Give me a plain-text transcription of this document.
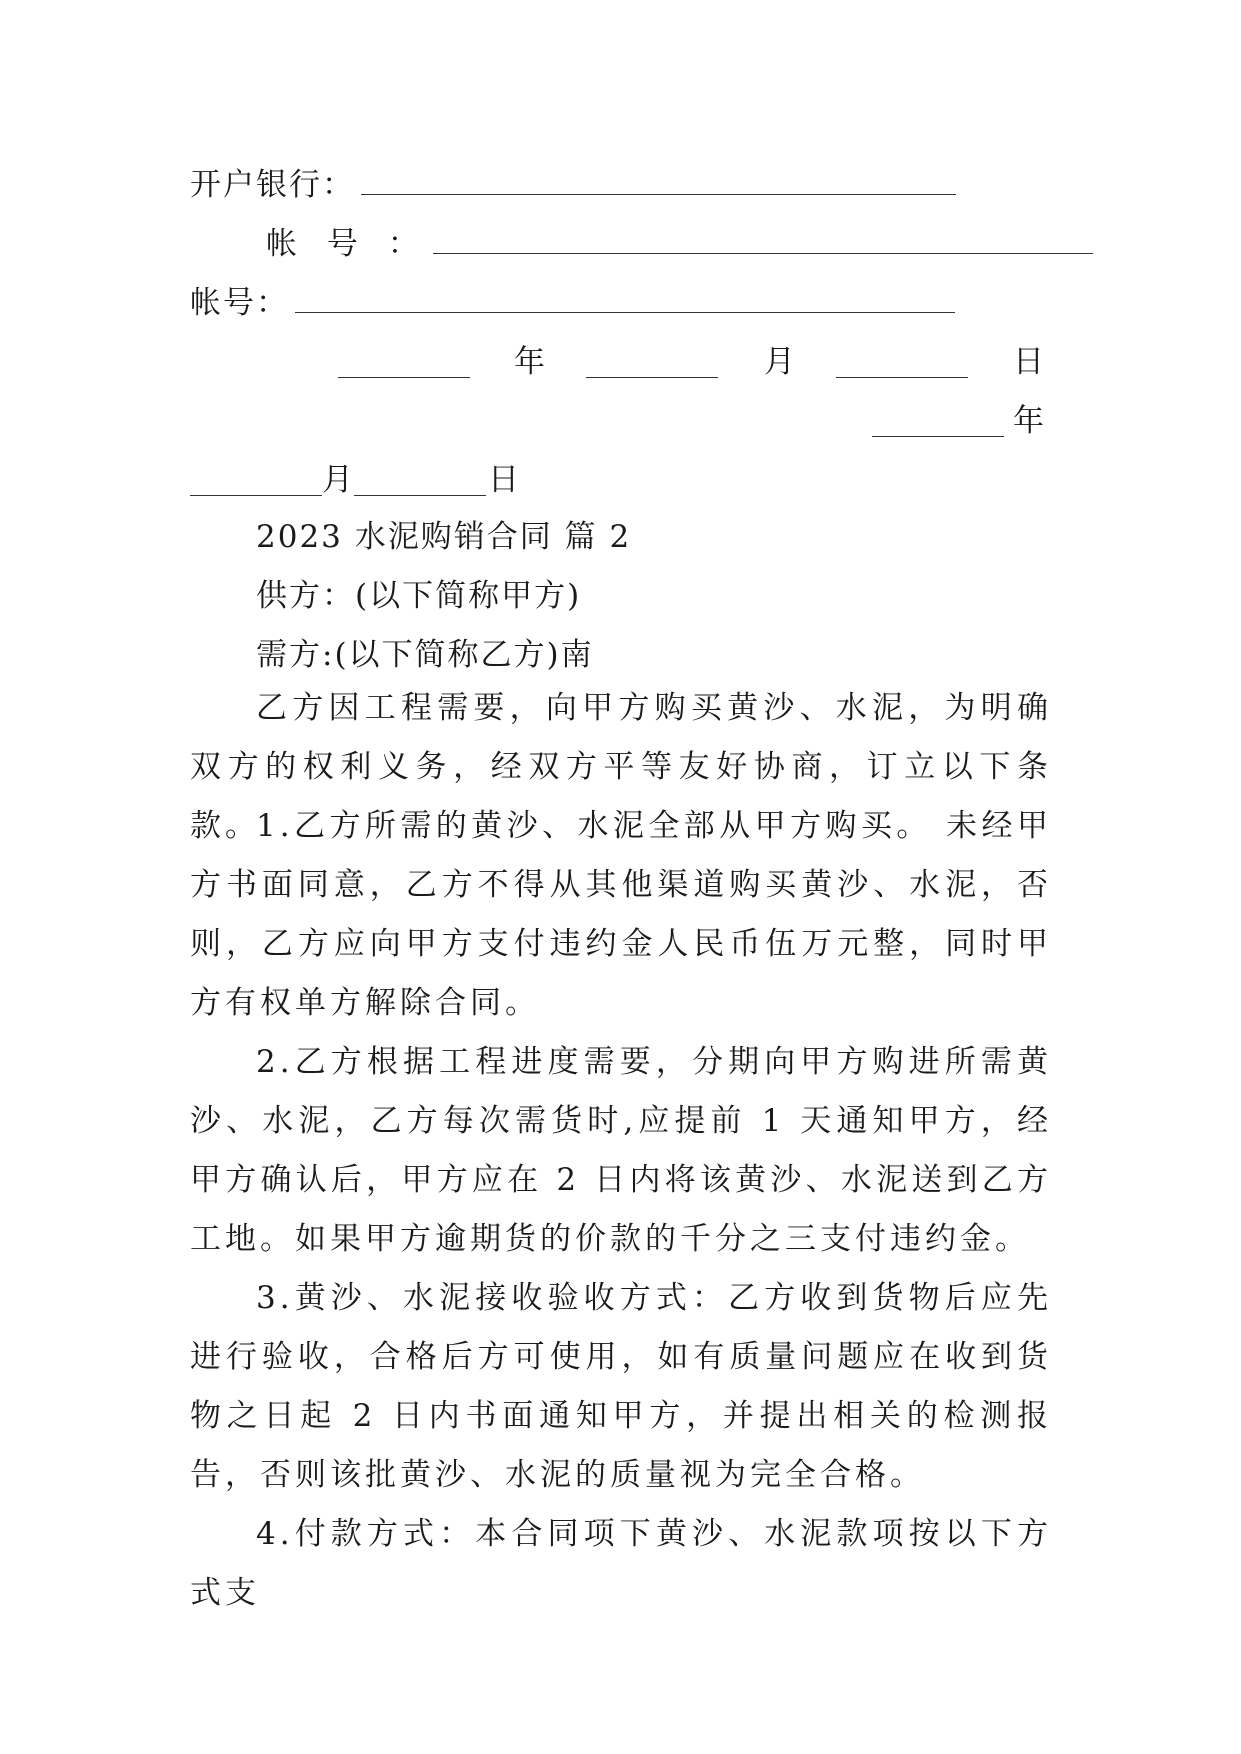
开户银行：
帐 号 ：
帐号：
年	月	日
年
月	日
2023 水泥购销合同 篇 2
供方：(以下简称甲方)
需方:(以下简称乙方)南
乙方因工程需要，向甲方购买黄沙、水泥，为明确双方的权利义务，经双方平等友好协商，订立以下条款。
1.乙方所需的黄沙、水泥全部从甲方购买。 未经甲方书面同意，乙方不得从其他渠道购买黄沙、水泥，否则，乙方应向甲方支付违约金人民币伍万元整，同时甲方有权单方解除合同。
2.乙方根据工程进度需要，分期向甲方购进所需黄沙、水泥，乙方每次需货时,应提前 1 天通知甲方，经甲方确认后，甲方应在 2 日内将该黄沙、水泥送到乙方工地。如果甲方逾期货的价款的千分之三支付违约金。
3.黄沙、水泥接收验收方式：乙方收到货物后应先进行验收，合格后方可使用，如有质量问题应在收到货物之日起 2 日内书面通知甲方，并提出相关的检测报告，否则该批黄沙、水泥的质量视为完全合格。
4.付款方式：本合同项下黄沙、水泥款项按以下方式支
